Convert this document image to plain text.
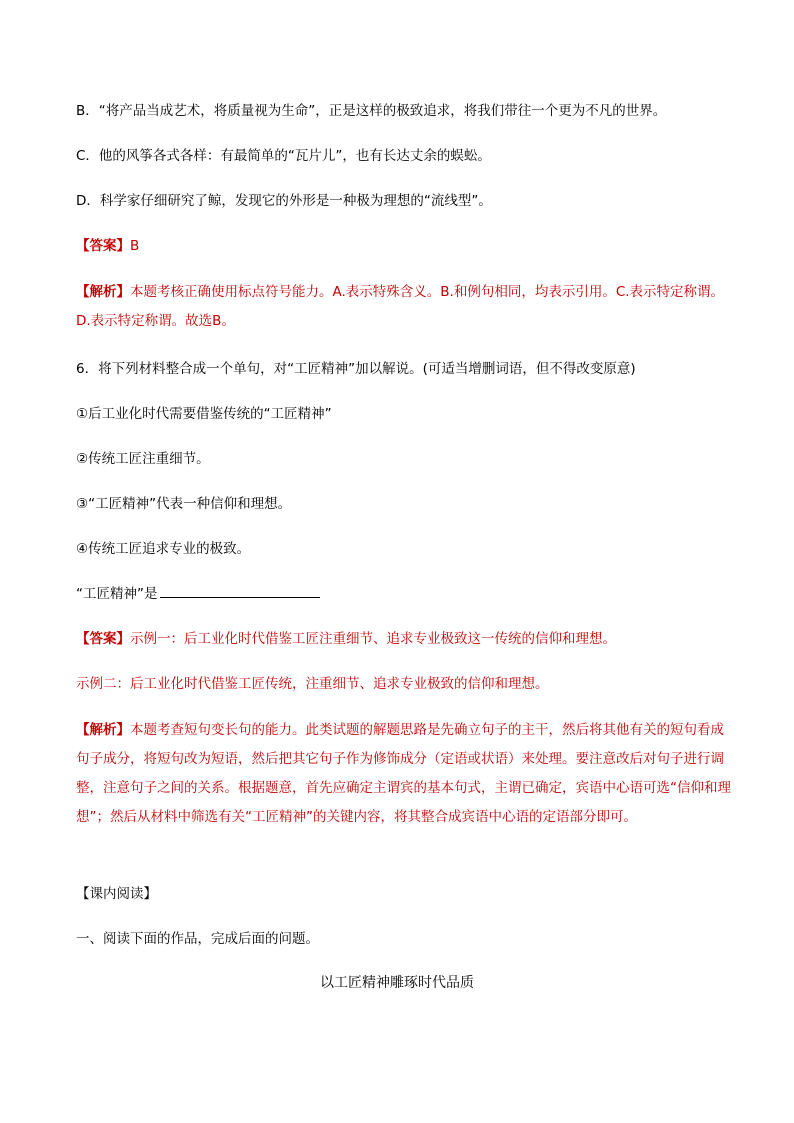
B．“将产品当成艺术，将质量视为生命”，正是这样的极致追求，将我们带往一个更为不凡的世界。
C．他的风筝各式各样：有最简单的“瓦片儿”，也有长达丈余的蜈蚣。
D．科学家仔细研究了鲸，发现它的外形是一种极为理想的“流线型”。
【答案】B
【解析】本题考核正确使用标点符号能力。A.表示特殊含义。B.和例句相同，均表示引用。C.表示特定称谓。D.表示特定称谓。故选B。
6．将下列材料整合成一个单句，对“工匠精神”加以解说。(可适当增删词语，但不得改变原意)
①后工业化时代需要借鉴传统的“工匠精神”
②传统工匠注重细节。
③“工匠精神”代表一种信仰和理想。
④传统工匠追求专业的极致。
“工匠精神”是
【答案】示例一：后工业化时代借鉴工匠注重细节、追求专业极致这一传统的信仰和理想。
示例二：后工业化时代借鉴工匠传统，注重细节、追求专业极致的信仰和理想。
【解析】本题考查短句变长句的能力。此类试题的解题思路是先确立句子的主干，然后将其他有关的短句看成句子成分，将短句改为短语，然后把其它句子作为修饰成分（定语或状语）来处理。要注意改后对句子进行调整，注意句子之间的关系。根据题意，首先应确定主谓宾的基本句式，主谓已确定，宾语中心语可选“信仰和理想”；然后从材料中筛选有关“工匠精神”的关键内容，将其整合成宾语中心语的定语部分即可。
【课内阅读】
一、阅读下面的作品，完成后面的问题。
以工匠精神雕琢时代品质
